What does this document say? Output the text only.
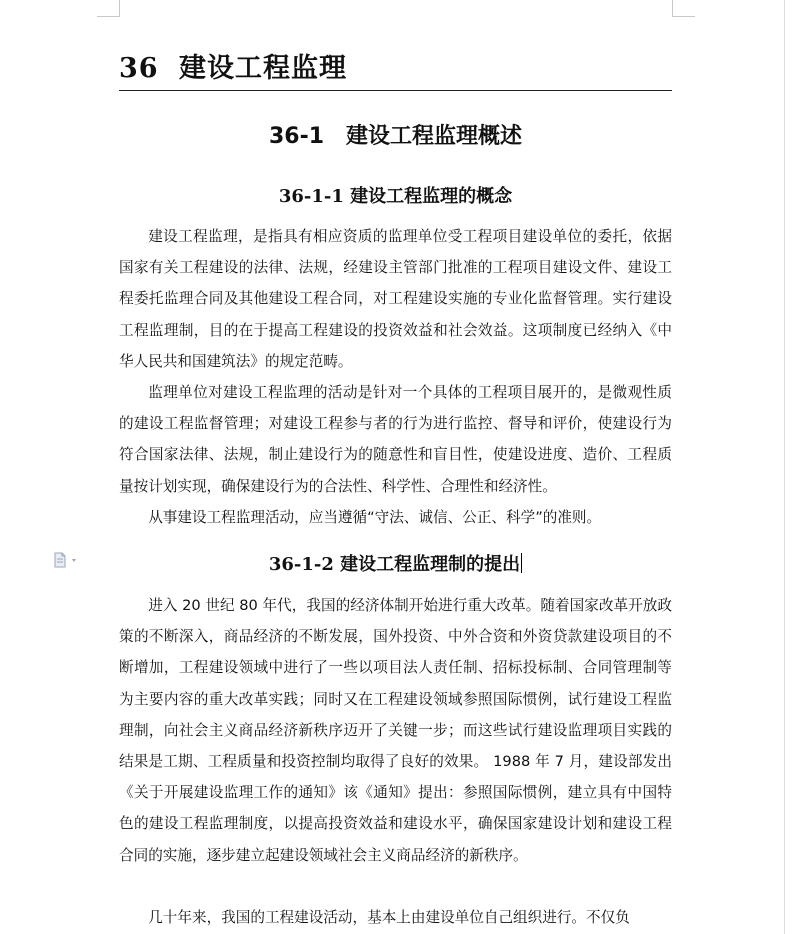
36 建设工程监理
36-1　建设工程监理概述
36-1-1 建设工程监理的概念
建设工程监理，是指具有相应资质的监理单位受工程项目建设单位的委托，依据国家有关工程建设的法律、法规，经建设主管部门批准的工程项目建设文件、建设工程委托监理合同及其他建设工程合同，对工程建设实施的专业化监督管理。实行建设工程监理制，目的在于提高工程建设的投资效益和社会效益。这项制度已经纳入《中华人民共和国建筑法》的规定范畴。
监理单位对建设工程监理的活动是针对一个具体的工程项目展开的，是微观性质的建设工程监督管理；对建设工程参与者的行为进行监控、督导和评价，使建设行为符合国家法律、法规，制止建设行为的随意性和盲目性，使建设进度、造价、工程质量按计划实现，确保建设行为的合法性、科学性、合理性和经济性。
从事建设工程监理活动，应当遵循“守法、诚信、公正、科学”的准则。
36-1-2 建设工程监理制的提出
进入 20 世纪 80 年代，我国的经济体制开始进行重大改革。随着国家改革开放政策的不断深入，商品经济的不断发展，国外投资、中外合资和外资贷款建设项目的不断增加，工程建设领域中进行了一些以项目法人责任制、招标投标制、合同管理制等为主要内容的重大改革实践；同时又在工程建设领域参照国际惯例，试行建设工程监理制，向社会主义商品经济新秩序迈开了关键一步；而这些试行建设监理项目实践的结果是工期、工程质量和投资控制均取得了良好的效果。 1988 年 7 月，建设部发出《关于开展建设监理工作的通知》该《通知》提出：参照国际惯例，建立具有中国特色的建设工程监理制度，以提高投资效益和建设水平，确保国家建设计划和建设工程合同的实施，逐步建立起建设领域社会主义商品经济的新秩序。
几十年来，我国的工程建设活动，基本上由建设单位自己组织进行。不仅负
